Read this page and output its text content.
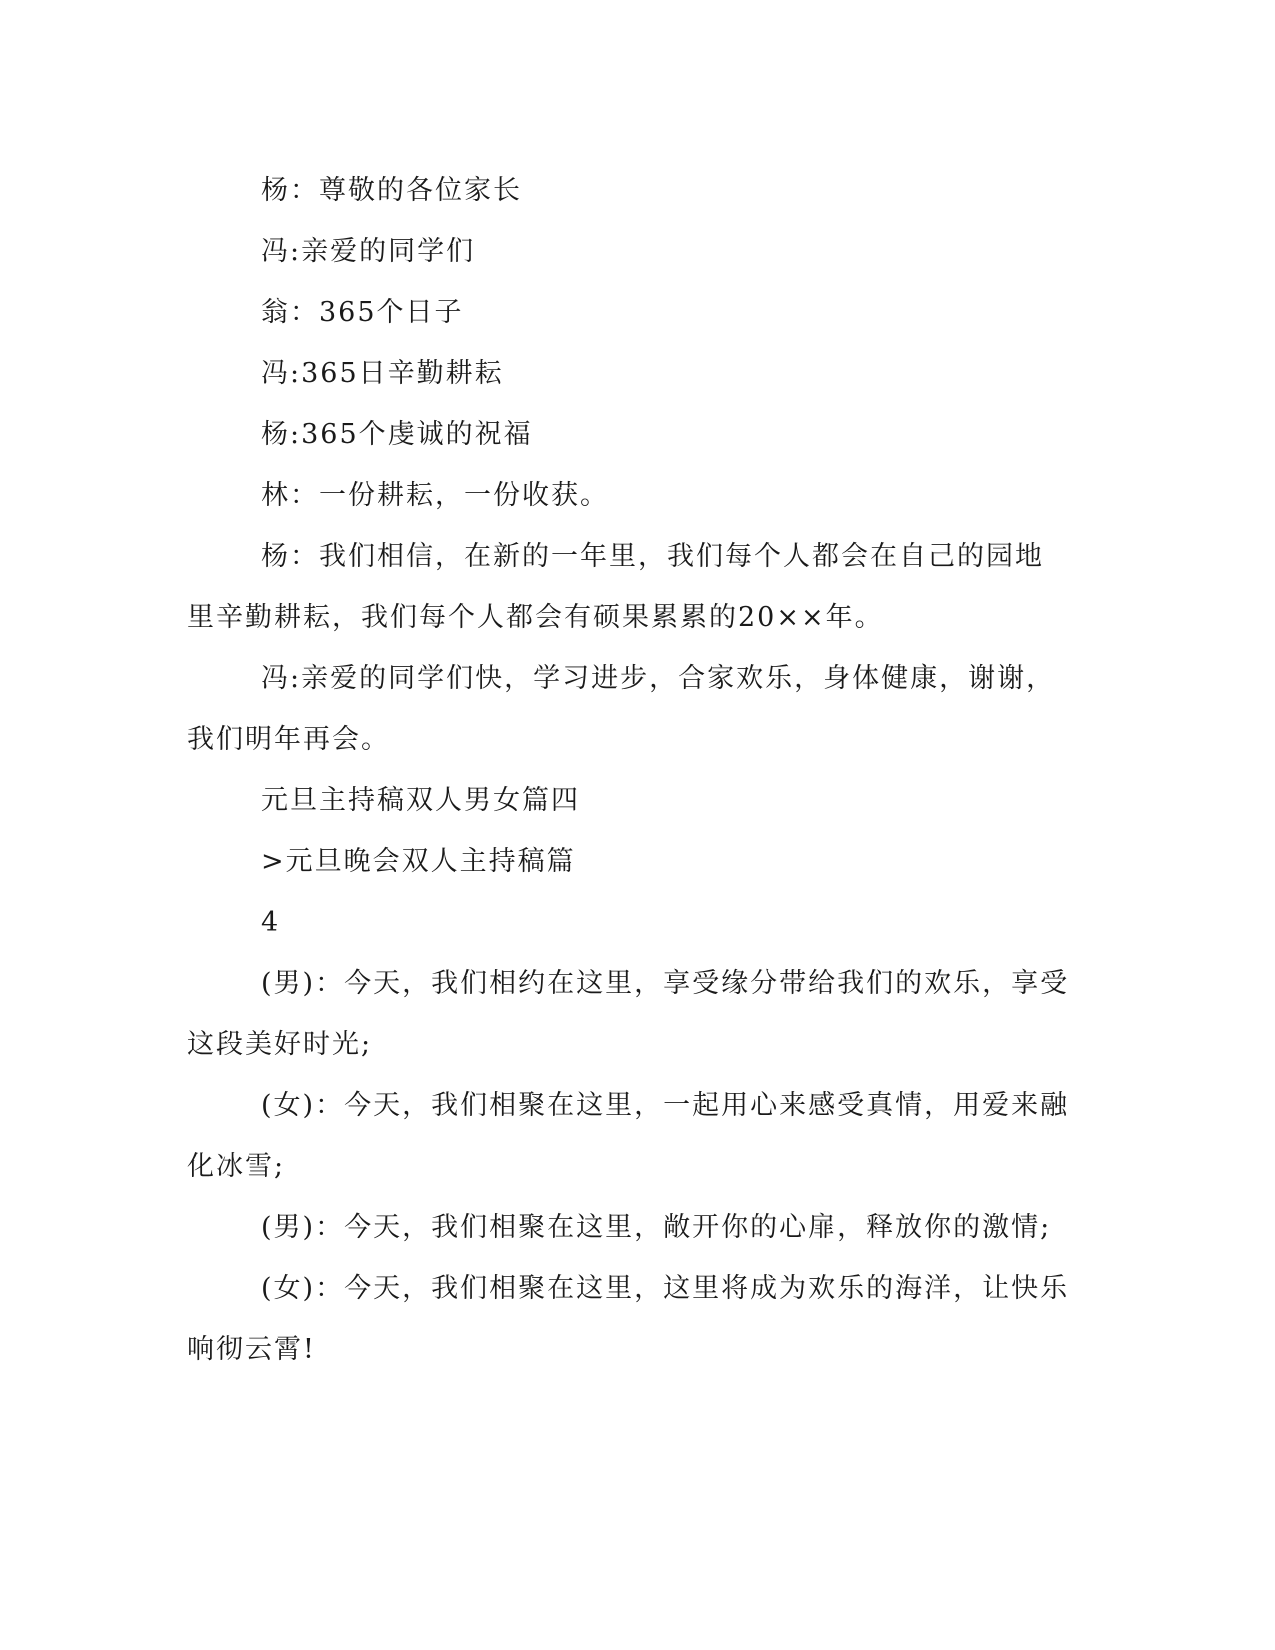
杨：尊敬的各位家长

冯:亲爱的同学们

翁：365个日子

冯:365日辛勤耕耘

杨:365个虔诚的祝福

林：一份耕耘，一份收获。

杨：我们相信，在新的一年里，我们每个人都会在自己的园地里辛勤耕耘，我们每个人都会有硕果累累的20××年。

冯:亲爱的同学们快，学习进步，合家欢乐，身体健康，谢谢，我们明年再会。

元旦主持稿双人男女篇四

>元旦晚会双人主持稿篇

4

(男)：今天，我们相约在这里，享受缘分带给我们的欢乐，享受这段美好时光;

(女)：今天，我们相聚在这里，一起用心来感受真情，用爱来融化冰雪;

(男)：今天，我们相聚在这里，敞开你的心扉，释放你的激情;

(女)：今天，我们相聚在这里，这里将成为欢乐的海洋，让快乐响彻云霄!
